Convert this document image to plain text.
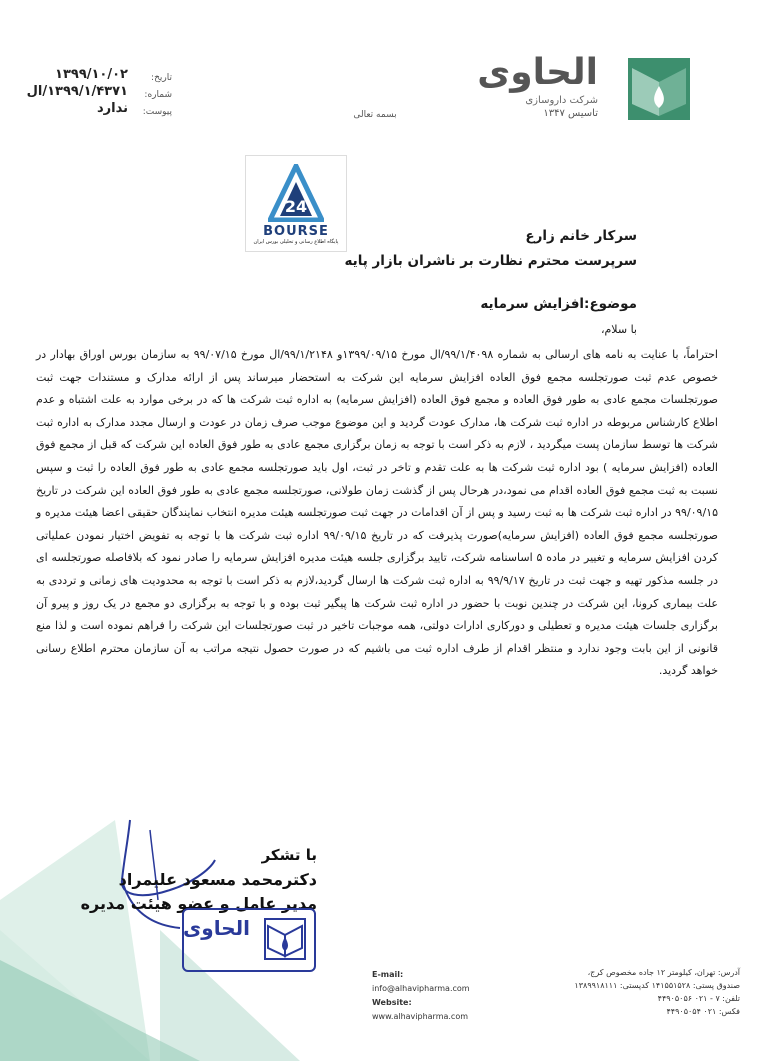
الحاوی
شرکت داروسازی
تاسیس ۱۳۴۷
بسمه تعالی
تاریخ:
شماره:
پیوست:
۱۳۹۹/۱۰/۰۲
۱۳۹۹/۱/۴۳۷۱/ال
ندارد
24
BOURSE
پایگاه اطلاع رسانی و تحلیلی بورس ایران	سرکار خانم زارع
سرپرست محترم نظارت بر ناشران بازار پایه
موضوع:افزایش سرمایه
با سلام،
احتراماً، با عنایت به نامه های ارسالی به شماره ۹۹/۱/۴۰۹۸/ال مورخ ۱۳۹۹/۰۹/۱۵و ۹۹/۱/۲۱۴۸/ال مورخ ۹۹/۰۷/۱۵ به سازمان بورس اوراق بهادار در خصوص عدم ثبت صورتجلسه مجمع فوق العاده افزایش سرمایه این شرکت به استحضار میرساند پس از ارائه مدارک و مستندات جهت ثبت صورتجلسات مجمع عادی به طور فوق العاده و مجمع فوق العاده (افزایش سرمایه) به اداره ثبت شرکت ها که در برخی موارد به علت اشتباه و عدم اطلاع کارشناس مربوطه در اداره ثبت شرکت ها، مدارک عودت گردید و این موضوع موجب صرف زمان در عودت و ارسال مجدد مدارک به اداره ثبت شرکت ها توسط سازمان پست میگردید ، لازم به ذکر است با توجه به زمان برگزاری مجمع عادی به طور فوق العاده این شرکت که قبل از مجمع فوق العاده (افزایش سرمایه ) بود اداره ثبت شرکت ها به علت تقدم و تاخر در ثبت، اول باید صورتجلسه مجمع عادی به طور فوق العاده را ثبت و سپس نسبت به ثبت مجمع فوق العاده اقدام می نمود،در هرحال پس از گذشت زمان طولانی، صورتجلسه مجمع عادی به طور فوق العاده این شرکت در تاریخ ۹۹/۰۹/۱۵ در اداره ثبت شرکت ها به ثبت رسید و پس از آن اقدامات در جهت ثبت صورتجلسه هیئت مدیره انتخاب نمایندگان حقیقی اعضا هیئت مدیره و صورتجلسه مجمع فوق العاده (افزایش سرمایه)صورت پذیرفت که در تاریخ ۹۹/۰۹/۱۵ اداره ثبت شرکت ها با توجه به تفویض اختیار نمودن عملیاتی کردن افزایش سرمایه و تغییر در ماده ۵ اساسنامه شرکت، تایید برگزاری جلسه هیئت مدیره افزایش سرمایه را صادر نمود که بلافاصله صورتجلسه ای در جلسه مذکور تهیه و جهت ثبت در تاریخ ۹۹/۹/۱۷ به اداره ثبت شرکت ها ارسال گردید،لازم به ذکر است با توجه به محدودیت های زمانی و ترددی به علت بیماری کرونا، این شرکت در چندین نوبت با حضور در اداره ثبت شرکت ها پیگیر ثبت بوده و با توجه به برگزاری دو مجمع در یک روز و پیرو آن برگزاری جلسات هیئت مدیره و تعطیلی و دورکاری ادارات دولتی، همه موجبات تاخیر در ثبت صورتجلسات این شرکت را فراهم نموده است و لذا منع قانونی از این بابت وجود ندارد و منتظر اقدام از طرف اداره ثبت می باشیم که در صورت حصول نتیجه مراتب به آن سازمان محترم اطلاع رسانی خواهد گردید.
با تشکر
دکترمحمد مسعود علیمراد
مدیر عامل و عضو هیئت مدیره
الحاوی
E-mail: info@alhavipharma.com
Website: www.alhavipharma.com
آدرس: تهران، کیلومتر ۱۲ جاده مخصوص کرج،
صندوق پستی: ۱۴۱۵۵۱۵۲۸ کدپستی: ۱۳۸۹۹۱۸۱۱۱
تلفن: ۷ - ۰۲۱ ۴۴۹۰۵۰۵۶
فکس: ۰۲۱ ۴۴۹۰۵۰۵۴
